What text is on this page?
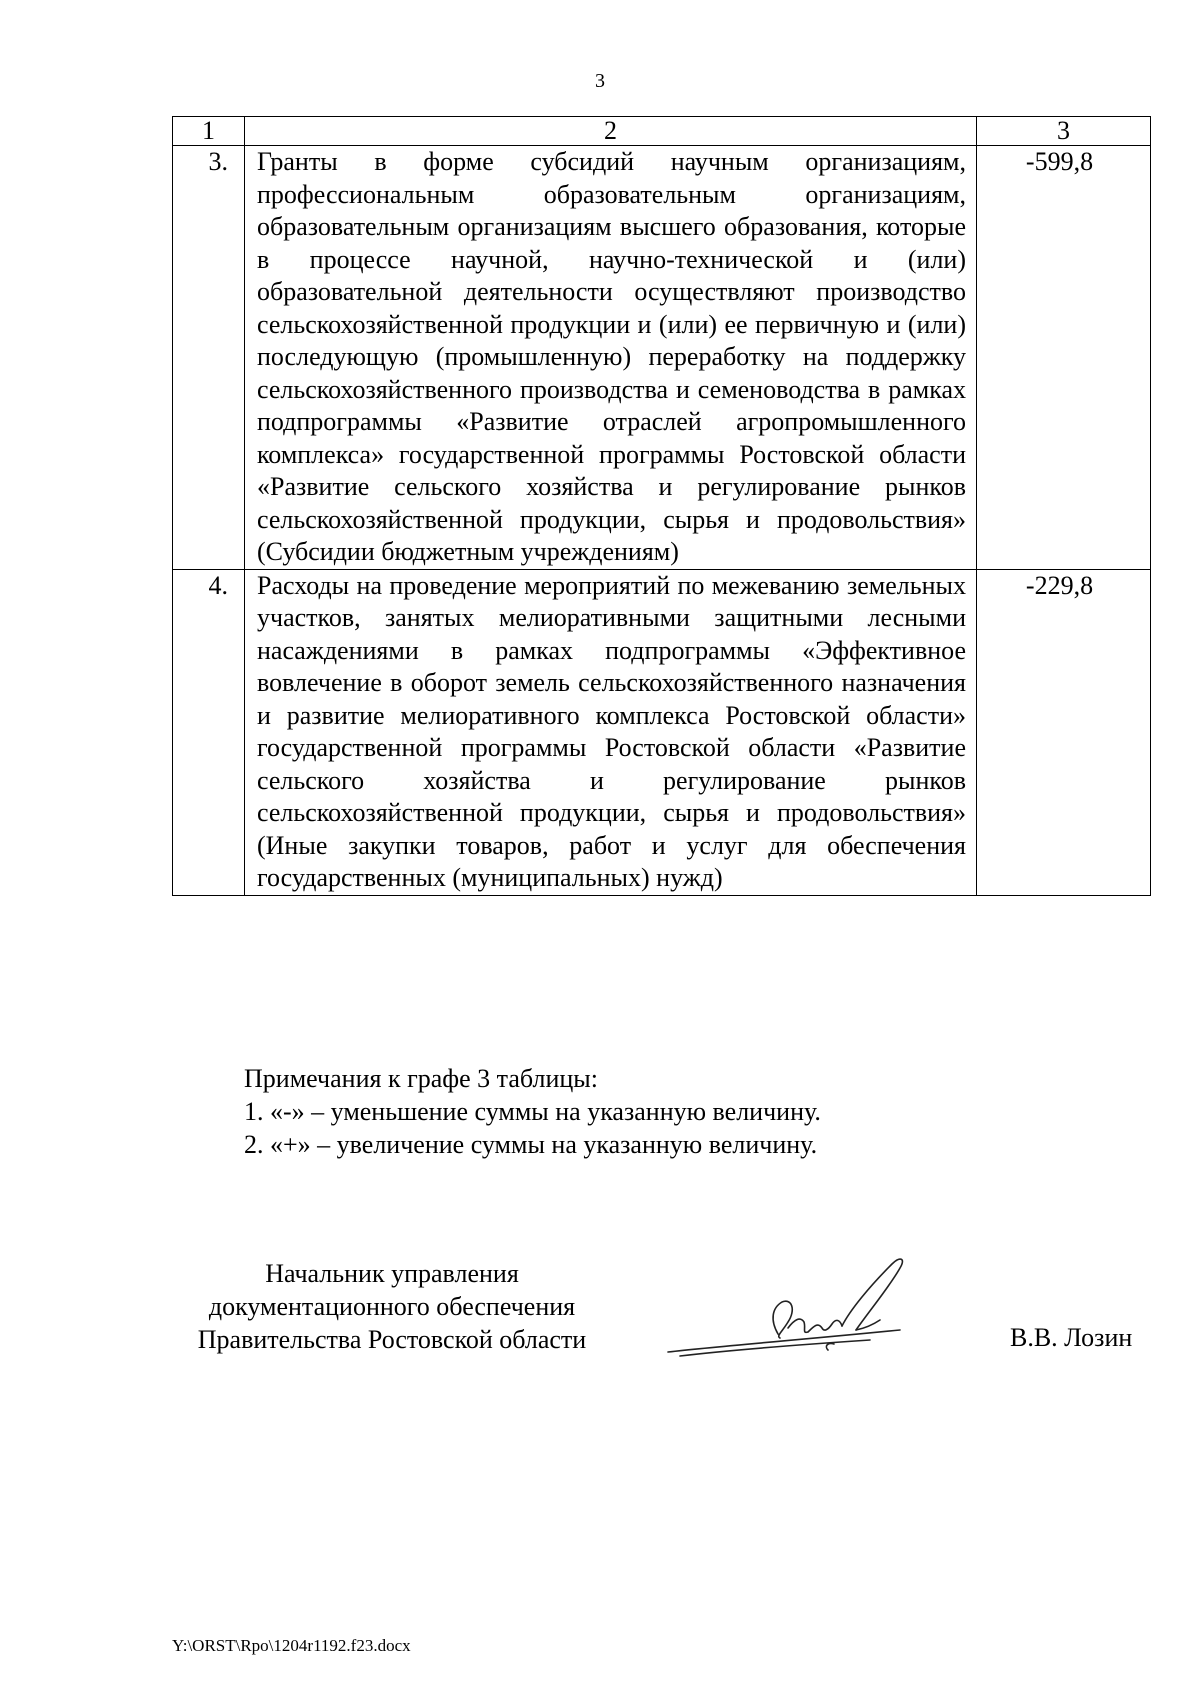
3
1	2	3
3.	Гранты в форме субсидий научным организациям, профессиональным образовательным организациям, образовательным организациям высшего образования, которые в процессе научной, научно-технической и (или) образовательной деятельности осуществляют производство сельскохозяйственной продукции и (или) ее первичную и (или) последующую (промышленную) переработку на поддержку сельскохозяйственного производства и семеноводства в рамках подпрограммы «Развитие отраслей агропромышленного комплекса» государственной программы Ростовской области «Развитие сельского хозяйства и регулирование рынков сельскохозяйственной продукции, сырья и продовольствия» (Субсидии бюджетным учреждениям)	-599,8
4.	Расходы на проведение мероприятий по межеванию земельных участков, занятых мелиоративными защитными лесными насаждениями в рамках подпрограммы «Эффективное вовлечение в оборот земель сельскохозяйственного назначения и развитие мелиоративного комплекса Ростовской области» государственной программы Ростовской области «Развитие сельского хозяйства и регулирование рынков сельскохозяйственной продукции, сырья и продовольствия» (Иные закупки товаров, работ и услуг для обеспечения государственных (муниципальных) нужд)	-229,8
Примечания к графе 3 таблицы:
1. «-» – уменьшение суммы на указанную величину.
2. «+» – увеличение суммы на указанную величину.
Начальник управления
документационного обеспечения
Правительства Ростовской области	В.В. Лозин
Y:\ORST\Rpo\1204r1192.f23.docx
